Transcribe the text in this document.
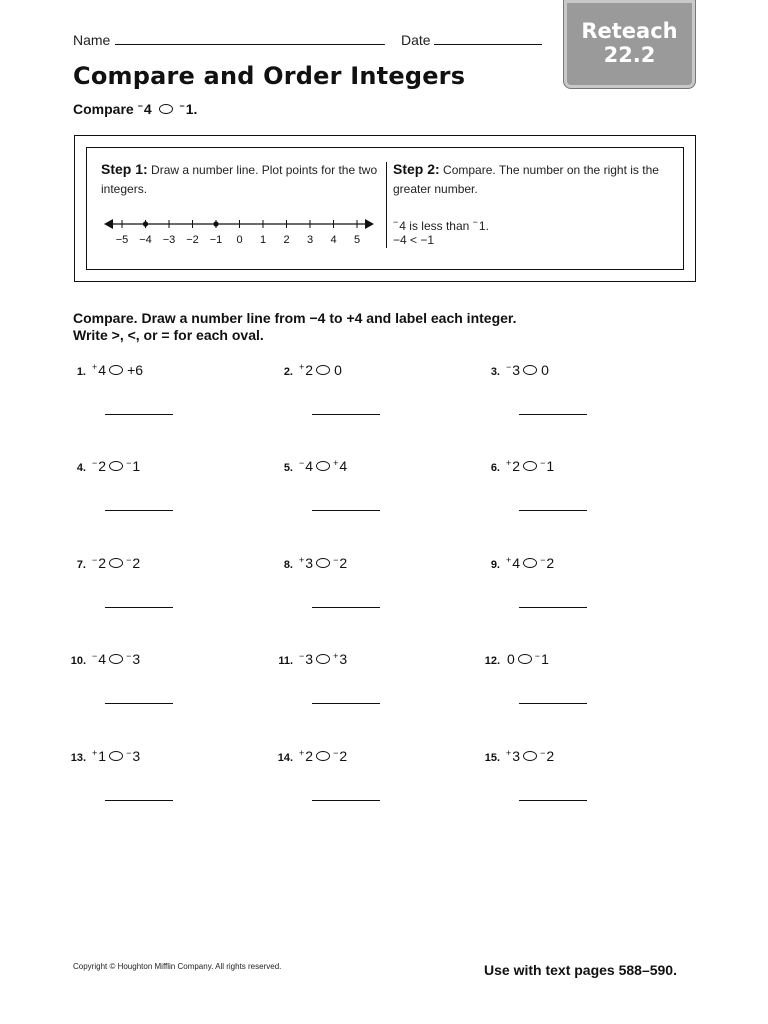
Name	Date	Reteach
22.2
Compare and Order Integers
Compare −4	−1.
Step 1: Draw a number line. Plot points for the two integers.
−5 −4 −3 −2 −1 0 1 2 3 4 5
Step 2: Compare. The number on the right is the greater number.
−4 is less than −1.
−4 < −1
Compare. Draw a number line from −4 to +4 and label each integer.
Write >, <, or = for each oval.
1. +4 +6	2. +2 0	3. −3 0
4. −2 −1	5. −4 +4	6. +2 −1
7. −2 −2	8. +3 −2	9. +4 −2
10. −4 −3	11. −3 +3	12. 0 −1
13. +1 −3	14. +2 −2	15. +3 −2
Copyright © Houghton Mifflin Company. All rights reserved.	Use with text pages 588–590.
